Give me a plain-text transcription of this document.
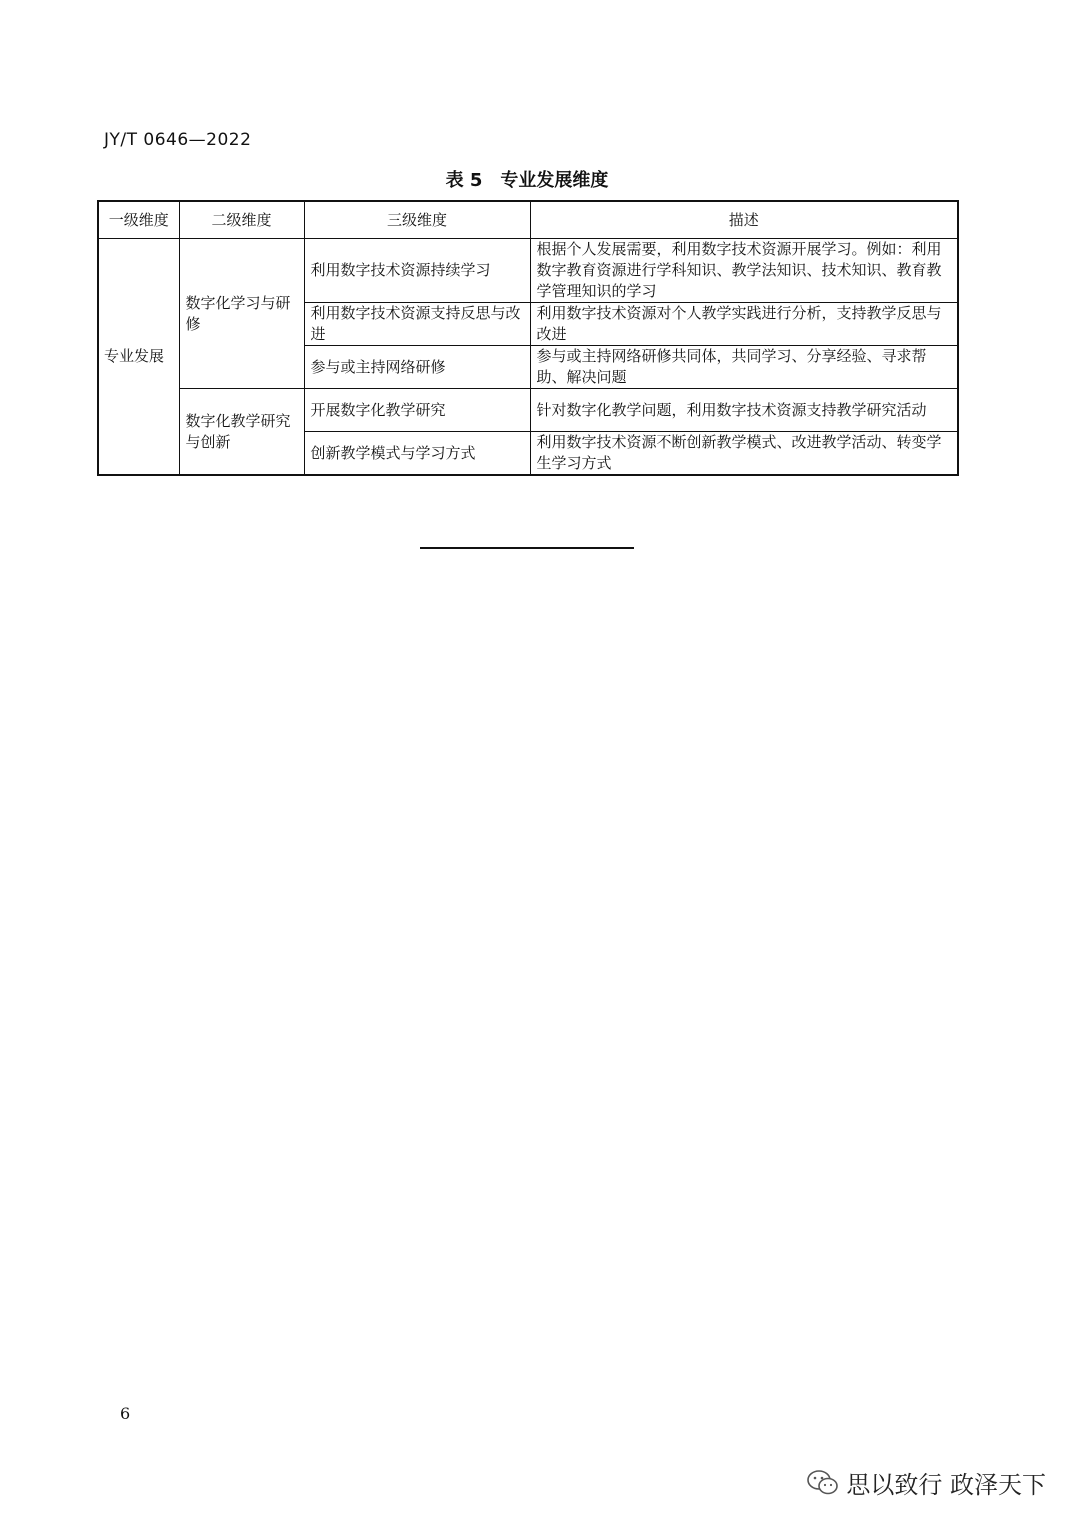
JY/T 0646—2022
表 5　专业发展维度
一级维度	二级维度	三级维度	描述
专业发展	数字化学习与研修	利用数字技术资源持续学习	根据个人发展需要，利用数字技术资源开展学习。例如：利用数字教育资源进行学科知识、教学法知识、技术知识、教育教学管理知识的学习
		利用数字技术资源支持反思与改进	利用数字技术资源对个人教学实践进行分析，支持教学反思与改进
		参与或主持网络研修	参与或主持网络研修共同体，共同学习、分享经验、寻求帮助、解决问题
	数字化教学研究与创新	开展数字化教学研究	针对数字化教学问题，利用数字技术资源支持教学研究活动
		创新教学模式与学习方式	利用数字技术资源不断创新教学模式、改进教学活动、转变学生学习方式
6
思以致行 政泽天下
